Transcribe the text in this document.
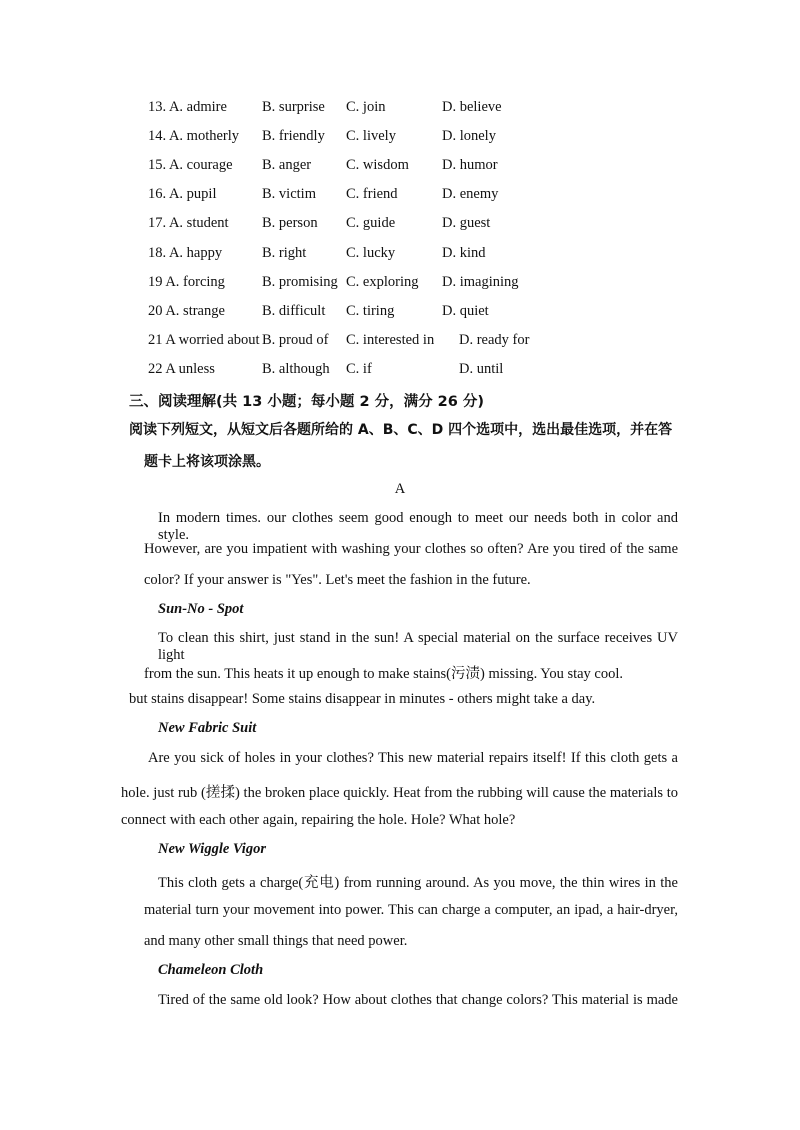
13. A. admire B. surprise C. join	D. believe
14. A. motherly B. friendly C. lively	D. lonely
15. A. courage B. anger C. wisdom D. humor
16. A. pupil	B. victim C. friend	D. enemy
17. A. student B. person C. guide	D. guest
18. A. happy	B. right	C. lucky	D. kind
19 A. forcing	B. promising C. exploring D. imagining
20 A. strange	B. difficult C. tiring	D. quiet
21 A worried about B. proud of C. interested in D. ready for
22 A unless	B. although C. if	D. until
三、阅读理解(共 13 小题；每小题 2 分，满分 26 分)
阅读下列短文，从短文后各题所给的 A、B、C、D 四个选项中，选出最佳选项，并在答
题卡上将该项涂黑。
A
In modern times. our clothes seem good enough to meet our needs both in color and style.
However, are you impatient with washing your clothes so often? Are you tired of the same
color? If your answer is "Yes". Let's meet the fashion in the future.
Sun-No - Spot
To clean this shirt, just stand in the sun! A special material on the surface receives UV light
from the sun. This heats it up enough to make stains(污渍) missing. You stay cool.
but stains disappear! Some stains disappear in minutes - others might take a day.
New Fabric Suit
Are you sick of holes in your clothes? This new material repairs itself! If this cloth gets a
hole. just rub (搓揉) the broken place quickly. Heat from the rubbing will cause the materials to
connect with each other again, repairing the hole. Hole? What hole?
New Wiggle Vigor
This cloth gets a charge(充电) from running around. As you move, the thin wires in the
material turn your movement into power. This can charge a computer, an ipad, a hair-dryer,
and many other small things that need power.
Chameleon Cloth
Tired of the same old look? How about clothes that change colors? This material is made
